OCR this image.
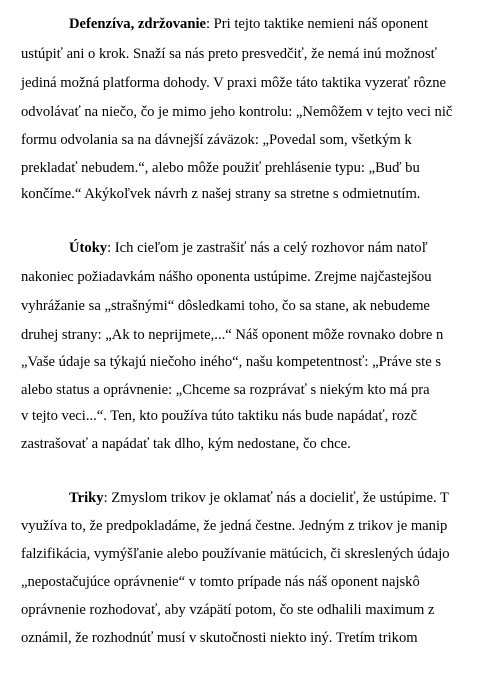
Defenzíva, zdržovanie: Pri tejto taktike nemieni náš oponent
ustúpiť ani o krok. Snaží sa nás preto presvedčiť, že nemá inú možnosť
jediná možná platforma dohody. V praxi môže táto taktika vyzerať rôzne
odvolávať na niečo, čo je mimo jeho kontrolu: „Nemôžem v tejto veci nič
formu odvolania sa na dávnejší záväzok: „Povedal som, všetkým k
prekladať nebudem.“, alebo môže použiť prehlásenie typu: „Buď bu
končíme.“ Akýkoľvek návrh z našej strany sa stretne s odmietnutím.
Útoky: Ich cieľom je zastrašiť nás a celý rozhovor nám natoľ
nakoniec požiadavkám nášho oponenta ustúpime. Zrejme najčastejšou
vyhrážanie sa „strašnými“ dôsledkami toho, čo sa stane, ak nebudeme
druhej strany: „Ak to neprijmete,...“ Náš oponent môže rovnako dobre n
„Vaše údaje sa týkajú niečoho iného“, našu kompetentnosť: „Práve ste s
alebo status a oprávnenie: „Chceme sa rozprávať s niekým kto má pra
v tejto veci...“. Ten, kto používa túto taktiku nás bude napádať, rozč
zastrašovať a napádať tak dlho, kým nedostane, čo chce.
Triky: Zmyslom trikov je oklamať nás a docieliť, že ustúpime. T
využíva to, že predpokladáme, že jedná čestne. Jedným z trikov je manip
falzifikácia, vymýšľanie alebo používanie mätúcich, či skreslených údajo
„nepostačujúce oprávnenie“ v tomto prípade nás náš oponent najskô
oprávnenie rozhodovať, aby vzápätí potom, čo ste odhalili maximum z
oznámil, že rozhodnúť musí v skutočnosti niekto iný. Tretím trikom
